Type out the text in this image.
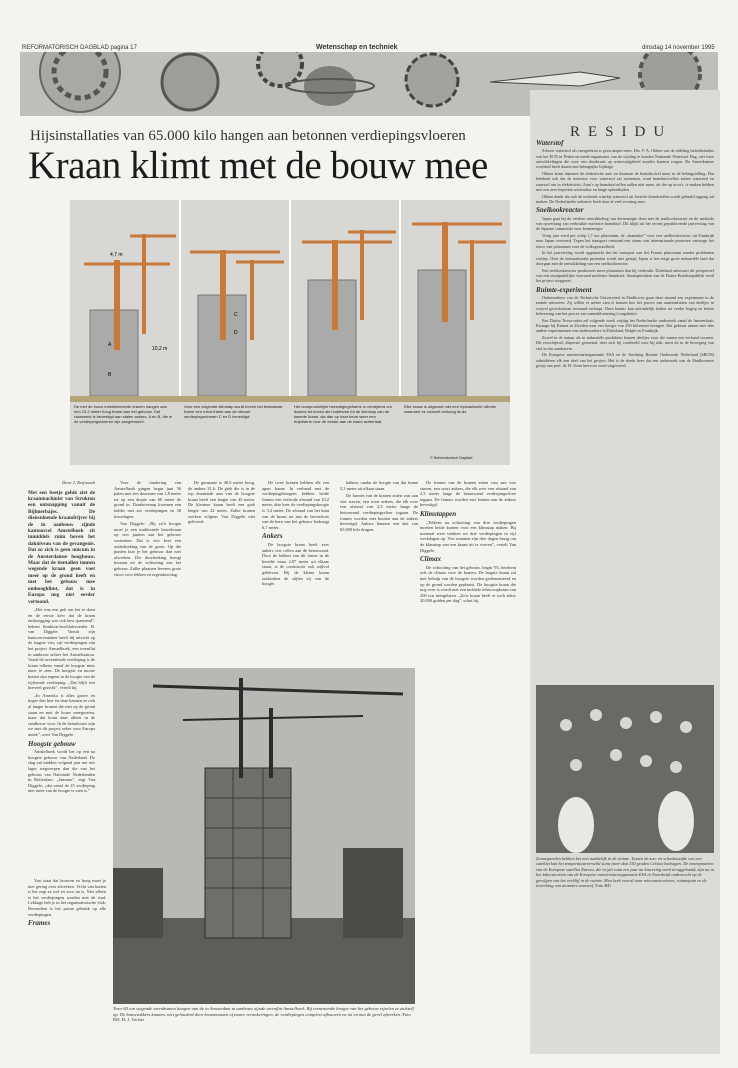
REFORMATORISCH DAGBLAD pagina 17	Wetenschap en techniek	dinsdag 14 november 1995
Hijsinstallaties van 65.000 kilo hangen aan betonnen verdiepingsvloeren
Kraan klimt met de bouw mee
4,7 m
10,2 m
A
B
C
D
De met de bouw meeklimmende kranen hangen aan een 10,2 meter hoog frame aan het gebouw. Dat raamwerk is bevestigd aan stalen ankers. A en B, die in de verdiepingsvloeren zijn aangebracht.
Voor een volgende klimstap wordt boven het bestaande frame een extra frame aan de nieuwe verdiepingsvloeren C en D bevestigd.
Het oorspronkelijke bevestigingsframe is verwijderd om daarna tot boven als hulpframe tot de klimstap van de tweede kraan, die dan op haar beurt weer een hulpframe voor de eerste aan de wand achterlaat.
Elke kraan is uitgerust met een hydraulische cilinder waarmee ze zichzelf omhoog drukt.
© Reformatorisch Dagblad

Door J. Reijnoudt

Met een beetje geluk ziet de kraanmachinist van Strukton een ontsnapping vanuit de Bijlmerbajes. De dienstdoende kraandrijver bij de in aanbouw zijnde kantoorcel Amstelhoek zit inmiddels ruim boven het dakniveau van de gevangenis. Dat zo zich is geen unicum in de Amsterdamse hoogbouw. Maar dat de tientallen tonnen wegende kraan geen voet meer op de grond heeft en met het gebouw mee omhoogklimt, dat is in Europa nog niet eerder vertoond.

„Het was een gok om het te doen en de eerste keer dat de kraan omhoogging was ook best spannend”, bekent Strukton-hoofduitvoerder R. van Diggele. Vanuit zijn kantoorcontainer heeft hij uitzicht op de laagste vier, vijf verdiepingen van het project Amstelhoek, een torenflat in aanbouw achter het Amstelstation. Vanaf de zeventiende verdieping is de kraan telkens vanaf de hoogste niets meer te zien. De hoogste en mooie buiten zijn ergens in de hoogte van de vijftiende verdieping. „Dat blijft een hoeveel gezicht”, vertelt hij.

„In Amerika is alles groter en hoger dan hier en daar kennen ze ook al langer kranen die niet op de grond staan en met de bouw meegroeien, maar dat komt daar alleen in de staalbouw voor. In de betonbouw zijn we met dit project zeker voor Europa uniek”, weet Van Diggele.

Hoogste gebouw

Amstelhoek wordt het op een na hoogste gebouw van Nederland. De slag zal midden volgend jaar net iets lager wegwerpen dan die van het gebouw van Nationale Nederlanden in Rotterdam. „Jammer”, zegt Van Diggele, „dat vanaf de 25 verdieping niet meer van de hoogte te zien is.”

Voor de fundering van Amstelhoek gingen begin juni 56 palen met een doorsnee van 1,8 meter tot op een diepte van 60 meter de grond in. Daarbovenop kwamen een kelder met zes verdiepingen en 38 bouwlagen.

Van Diggele: „Bij zo'n hoogte moet je een traditionele bouwkraan op vier punten aan het gebouw vastzetten. Dat is vier keer een onderbreking van de grote. Op die punten kun je het gebouw dan niet afwerken. Die doorbreking brengt bestaan uit de voltooiing van het gebouw. Zulke plaatsen leveren grote risico voor lekken en regendoorslag.

Vast staat dat bouwen zo hoog moet je niet gering over afwerken. Vecht van buiten is het zegt ze wel en voor nu is. Niet alleen is het verdiepingen worden met de stad. Lekkage heb je in het organisatorische vlak; Bovendien is het prima gebruik op alle verdiepingen.

Frames

De geraamte is 40,6 meter hoog, de andere 31,6. De giek die is in de top draaiende arm van de hoogste kraan heeft een lengte van 45 meter. De kleinere kraan heeft een giek lengte van 22 meter. Zulke kranen werken volgens Van Diggele niet geleverd.

De twee kranen hebben elk een apart frame. In verband met de verdiepingshoogten hebben beide frames een verticale afstand van 10,2 meter, drie keer de verdiepingshoogte is 3,4 meter. De afstand van het kant van de kraan tot aan de betonvloer van de kern van het gebouw bedraagt 6,7 meter.

Ankers

De hoogste kraan heeft zeer ankers vier rollen aan de betonwand. Door de balken van dit frame in de breedte maar 2,87 meter uit elkaar staan, is de constructie ook stijlvol gebleven. Bij de kleine kraan onthoeken de stijlen zij van de hoogte.

balken, omdat de hoogte van dat frame 5,3 meter uit elkaar staan.

De frames van de kranen zitten vast aan vier staven, een soort ankers, die elk over een afstand van 2,3 meter lange de betonwand verdiepingsvloer ingaan. De frames worden met bouten aan de ankers bevestigd. Ankers kunnen een last van 65.000 kilo dragen.

De frames van de kranen zitten vast aan vier staven, een soort ankers, die elk over een afstand van 2,3 meter lange de betonwand verdiepingsvloer ingaan. De frames worden met bouten aan de ankers bevestigd.

Klimstappen

„Telkens na voltooiing van drie verdiepingen moeten beide kranen voor een klimstap maken. Bij normaal weer trekken we drie verdiepingen in vijf werkdagen op. Vier mannen zijn drie dagen bezig om de klimstap van een kraan uit te voeren”, vertelt Van Diggele.

Climax

De voltooiing van het gebouw, begin '95, betekent ook de climax voor de kranen. De laagste kraan zal met behulp van de hoogste worden gedemonteerd en op de grond worden geplaatst. De hoogste kraan die nog over is wordt met een mobiele telescoopkraan van 200 ton neergelaten. „Zo'n kraan heeft er toch zeker 20.000 gulden per dag”, schat hij.

Twee 65 ton wegende torenkranen hangen aan de in Amsterdam in aanbouw zijnde torenflat Amstelhoek. Bij toenemende hoogte van het gebouw vijzelen ze zichzelf op. De bouwvakkers kunnen, niet gehinderd door kraanmasten of zware verankeringen, de verdiepingen compleet afbouwen en tot en met de gevel afwerken. Foto RD, H. J. Vocher
RESIDU
Waterstof

Schone waterstof als energiebron is geen utopie meer. Drs. P. A. Okken van de afdeling beleidsstudies van het ECN in Petten en mede-organisator van de wijding te houden Nationale Waterstof Dag, ziet twee ontwikkelingen die voor een doorbraak op waterstofgebied zouden kunnen zorgen. De Amerikaanse overheid heeft daarin een belangrijke bijdrage.

Okken komt daarmee de elektrische auto en daarmee de brandstofcel meer in de belangstelling. Dat betekent ook dat de interesse voor waterstof zal toenemen, want brandstofcellen zetten waterstof en zuurstof om in elektriciteit. Auto's op brandstofcellen zullen niet meer, als die op accu's, te maken hebben met een zeer beperkte actieradius en lange oplaadtijden.

Okken denkt dat ook de techniek waarbij waterstof uit fossiele brandstoffen wordt gehaald opgang zal maken. De Nederlandse industrie heeft daar al veel ervaring mee.

Snelkookreactor

Japan gaat bij de verdere ontwikkeling van kernenergie door met de snelkookreactor en de methode van opwerking van verbruikte nucleaire brandstof. Dit blijkt uit het recent gepubliceerde jaarverslag van de Japanse commissie voor kernenergie.

Vorig jaar werd per schip 1,7 ton plutonium, de „brandstof” voor een snelkookreactor, uit Frankrijk naar Japan vervoerd. Tegen het transport ontstond een storm van internationale protesten vanwege het risico van plutonium voor de volksgezondheid.

In het jaarverslag wordt opgemerkt dat het transport van het Franse plutonium zonder problemen verliep. Over de internationale protesten wordt niet gerept. Japan is het enige grote industriële land dat doorgaat met de ontwikkeling van een snelkookreactor.

Een snelkookreactor produceert meer plutonium dan hij verbruikt. Duitsland ontvouwt dit perspectief van een onuitputtelijke voorraad nucleaire brandstof. Staatspresident van de Duitse Bondsrepubliek werd het project stopgezet.

Ruimte-experiment

Onderzoekers van de Technische Universiteit in Eindhoven gaan deze maand een experiment in de ruimte uitvoeren. Zij willen er achter zien te komen hoe het proces van aaneensluiten van deeltjes in vrijwel gewichtsloze toestand verloopt. Deze kennis kan uiteindelijk leiden tot verder begrip en betere beheersing van het proces van samenklontering (coagulatie).

Een Duitse Texus-raket zal volgende week vrijdag het Nederlandse onderzoek vanaf de lanceerbasis Esrange bij Kiruna in Zweden naar een hoogte van 250 kilometer brengen. Dat gebeurt samen met drie andere experimenten van onderzoekers in Duitsland, België en Frankrijk.

Zowel in de natuur als in industriële produkten komen deeltjes voor die samen een verband vormen. Dit verschijnsel, dispersie genoemd, doet zich bij voorbeeld voor bij inkt, mest en in de beweging van stof in een zandstorm.

De Europese ruimtevaartorganisatie ESA en de Stichting Ruimte Onderzoek Nederland (SRON) subsidiëren elk een deel van het project. Het is de derde keer dat een onderzoek van de Eindhovense groep van prof. dr. H. Stein hiervoor werd uitgevoerd.

Zonnepanelen hebben het niet makkelijk in de ruimte. Tussen de zon- en schaduwzijde van een satelliet kan het temperatuurverschil soms meer dan 150 graden Celsius bedragen. De zonnepanelen van de Europese satelliet Eureca, die in juli ruim een jaar na lancering werd teruggehaald, zijn nu in het laboratorium van de Europese ruimtevaartorganisatie ESA in Noordwijk onderzocht op de gevolgen van het verblijf in de ruimte. Men keek vooral naar micrometeorieten, ruimtepuin en de inwerking van atomaire zuurstof. Foto RD
